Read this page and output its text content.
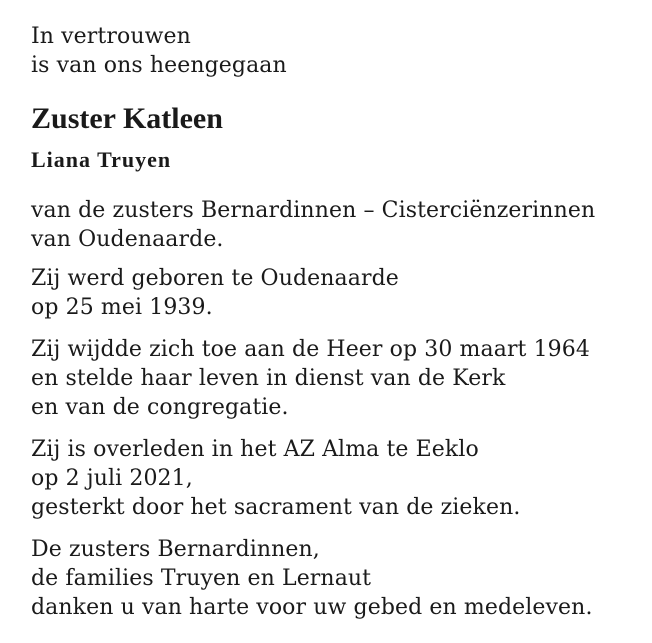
In vertrouwen
is van ons heengegaan
Zuster Katleen
Liana Truyen
van de zusters Bernardinnen – Cisterciënzerinnen
van Oudenaarde.
Zij werd geboren te Oudenaarde
op 25 mei 1939.
Zij wijdde zich toe aan de Heer op 30 maart 1964
en stelde haar leven in dienst van de Kerk
en van de congregatie.
Zij is overleden in het AZ Alma te Eeklo
op 2 juli 2021,
gesterkt door het sacrament van de zieken.
De zusters Bernardinnen,
de families Truyen en Lernaut
danken u van harte voor uw gebed en medeleven.
